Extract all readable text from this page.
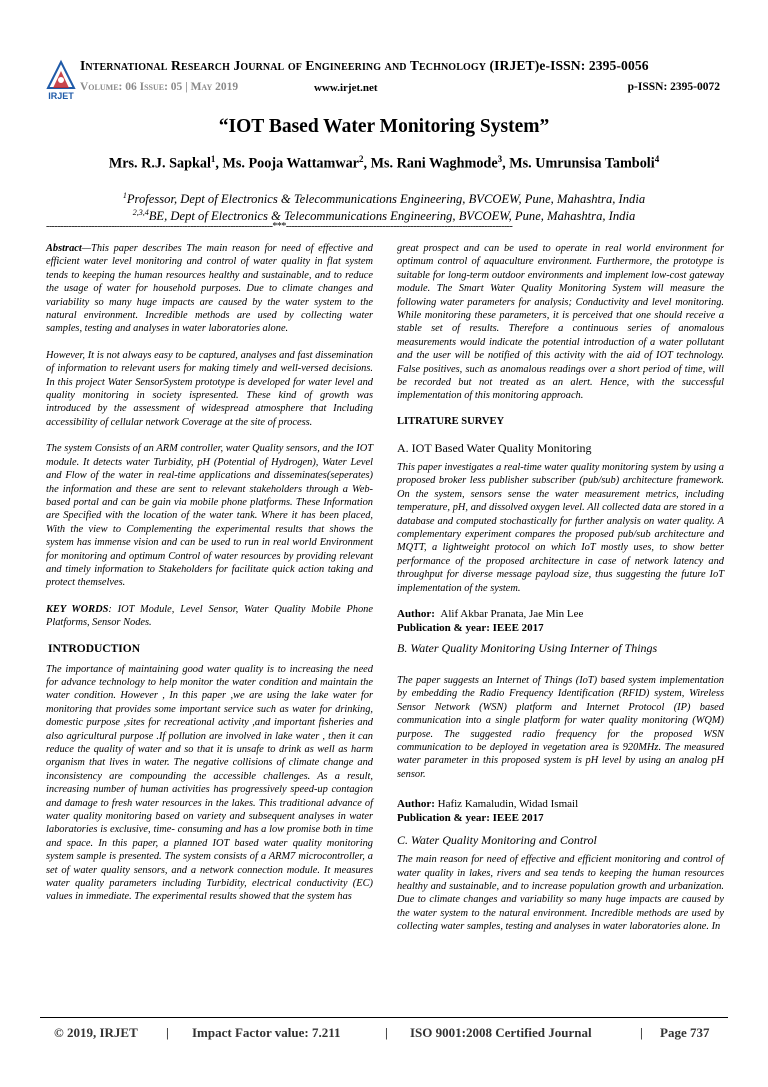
IRJET
International Research Journal of Engineering and Technology (IRJET)e-ISSN: 2395-0056
Volume: 06 Issue: 05 | May 2019	www.irjet.net	p-ISSN: 2395-0072
“IOT Based Water Monitoring System”
Mrs. R.J. Sapkal$^1$, Ms. Pooja Wattamwar$^2$, Ms. Rani Waghmode$^3$, Ms. Umrunsisa Tamboli$^4$
$^1$Professor, Dept of Electronics & Telecommunications Engineering, BVCOEW, Pune, Mahashtra, India
$^{2,3,4}$BE, Dept of Electronics & Telecommunications Engineering, BVCOEW, Pune, Mahashtra, India
--------------------------------------------------------------------------------***--------------------------------------------------------------------------------

Abstract—This paper describes The main reason for need of effective and efficient water level monitoring and control of water quality in flat system tends to keeping the human resources healthy and sustainable, and to reduce the usage of water for household purposes. Due to climate changes and variability so many huge impacts are caused by the water system to the natural environment. Incredible methods are used by collecting water samples, testing and analyses in water laboratories alone.

However, It is not always easy to be captured, analyses and fast dissemination of information to relevant users for making timely and well-versed decisions. In this project Water SensorSystem prototype is developed for water level and quality monitoring in society ispresented. These kind of growth was introduced by the assessment of widespread atmosphere that Including accessibility of cellular network Coverage at the site of process.

The system Consists of an ARM controller, water Quality sensors, and the IOT module. It detects water Turbidity, pH (Potential of Hydrogen), Water Level and Flow of the water in real-time applications and disseminates(seperates) the information and these are sent to relevant stakeholders through a Web-based portal and can be gain via mobile phone platforms. These Information are Specified with the location of the water tank. Where it has been placed, With the view to Complementing the experimental results that shows the system has immense vision and can be used to run in real world Environment for monitoring and optimum Control of water resources by providing relevant and timely information to Stakeholders for facilitate quick action taking and protect themselves.

KEY WORDS: IOT Module, Level Sensor, Water Quality Mobile Phone Platforms, Sensor Nodes.

INTRODUCTION

The importance of maintaining good water quality is to increasing the need for advance technology to help monitor the water condition and maintain the water condition. However , In this paper ,we are using the lake water for monitoring that provides some important service such as water for drinking, domestic purpose ,sites for recreational activity ,and important fisheries and also agricultural purpose .If pollution are involved in lake water , then it can reduce the quality of water and so that it is unsafe to drink as well as harm organism that lives in water. The negative collisions of climate change and inconsistency are compounding the accessible challenges. As a result, increasing number of human activities has progressively speed-up contagion and damage to fresh water resources in the lakes. This traditional advance of water quality monitoring based on variety and subsequent analyses in water laboratories is exclusive, time- consuming and has a low promise both in time and space. In this paper, a planned IOT based water quality monitoring system sample is presented. The system consists of a ARM7 microcontroller, a set of water quality sensors, and a network connection module. It measures water quality parameters including Turbidity, electrical conductivity (EC) values in immediate. The experimental results showed that the system has

great prospect and can be used to operate in real world environment for optimum control of aquaculture environment. Furthermore, the prototype is suitable for long-term outdoor environments and implement low-cost gateway module. The Smart Water Quality Monitoring System will measure the following water parameters for analysis; Conductivity and level monitoring. While monitoring these parameters, it is perceived that one should receive a stable set of results. Therefore a continuous series of anomalous measurements would indicate the potential introduction of a water pollutant and the user will be notified of this activity with the aid of IOT technology. False positives, such as anomalous readings over a short period of time, will be recorded but not treated as an alert. Hence, with the successful implementation of this monitoring approach.

LITRATURE SURVEY
A. IOT Based Water Quality Monitoring

This paper investigates a real-time water quality monitoring system by using a proposed broker less publisher subscriber (pub/sub) architecture framework. On the system, sensors sense the water measurement metrics, including temperature, pH, and dissolved oxygen level. All collected data are stored in a database and computed stochastically for further analysis on water quality. A complementary experiment compares the proposed pub/sub architecture and MQTT, a lightweight protocol on which IoT mostly uses, to show better performance of the proposed architecture in case of network latency and throughput for diverse message payload size, thus suggesting the future IoT implementation of the system.

Author: Alif Akbar Pranata, Jae Min Lee
Publication & year: IEEE 2017
B. Water Quality Monitoring Using Interner of Things

The paper suggests an Internet of Things (IoT) based system implementation by embedding the Radio Frequency Identification (RFID) system, Wireless Sensor Network (WSN) platform and Internet Protocol (IP) based communication into a single platform for water quality monitoring (WQM) purpose. The suggested radio frequency for the proposed WSN communication to be deployed in vegetation area is 920MHz. The measured water parameter in this proposed system is pH level by using an analog pH sensor.

Author: Hafiz Kamaludin, Widad Ismail
Publication & year: IEEE 2017
C. Water Quality Monitoring and Control

The main reason for need of effective and efficient monitoring and control of water quality in lakes, rivers and sea tends to keeping the human resources healthy and sustainable, and to increase population growth and urbanization. Due to climate changes and variability so many huge impacts are caused by the water system to the natural environment. Incredible methods are used by collecting water samples, testing and analyses in water laboratories alone. In

© 2019, IRJET | Impact Factor value: 7.211	| ISO 9001:2008 Certified Journal	| Page 737
